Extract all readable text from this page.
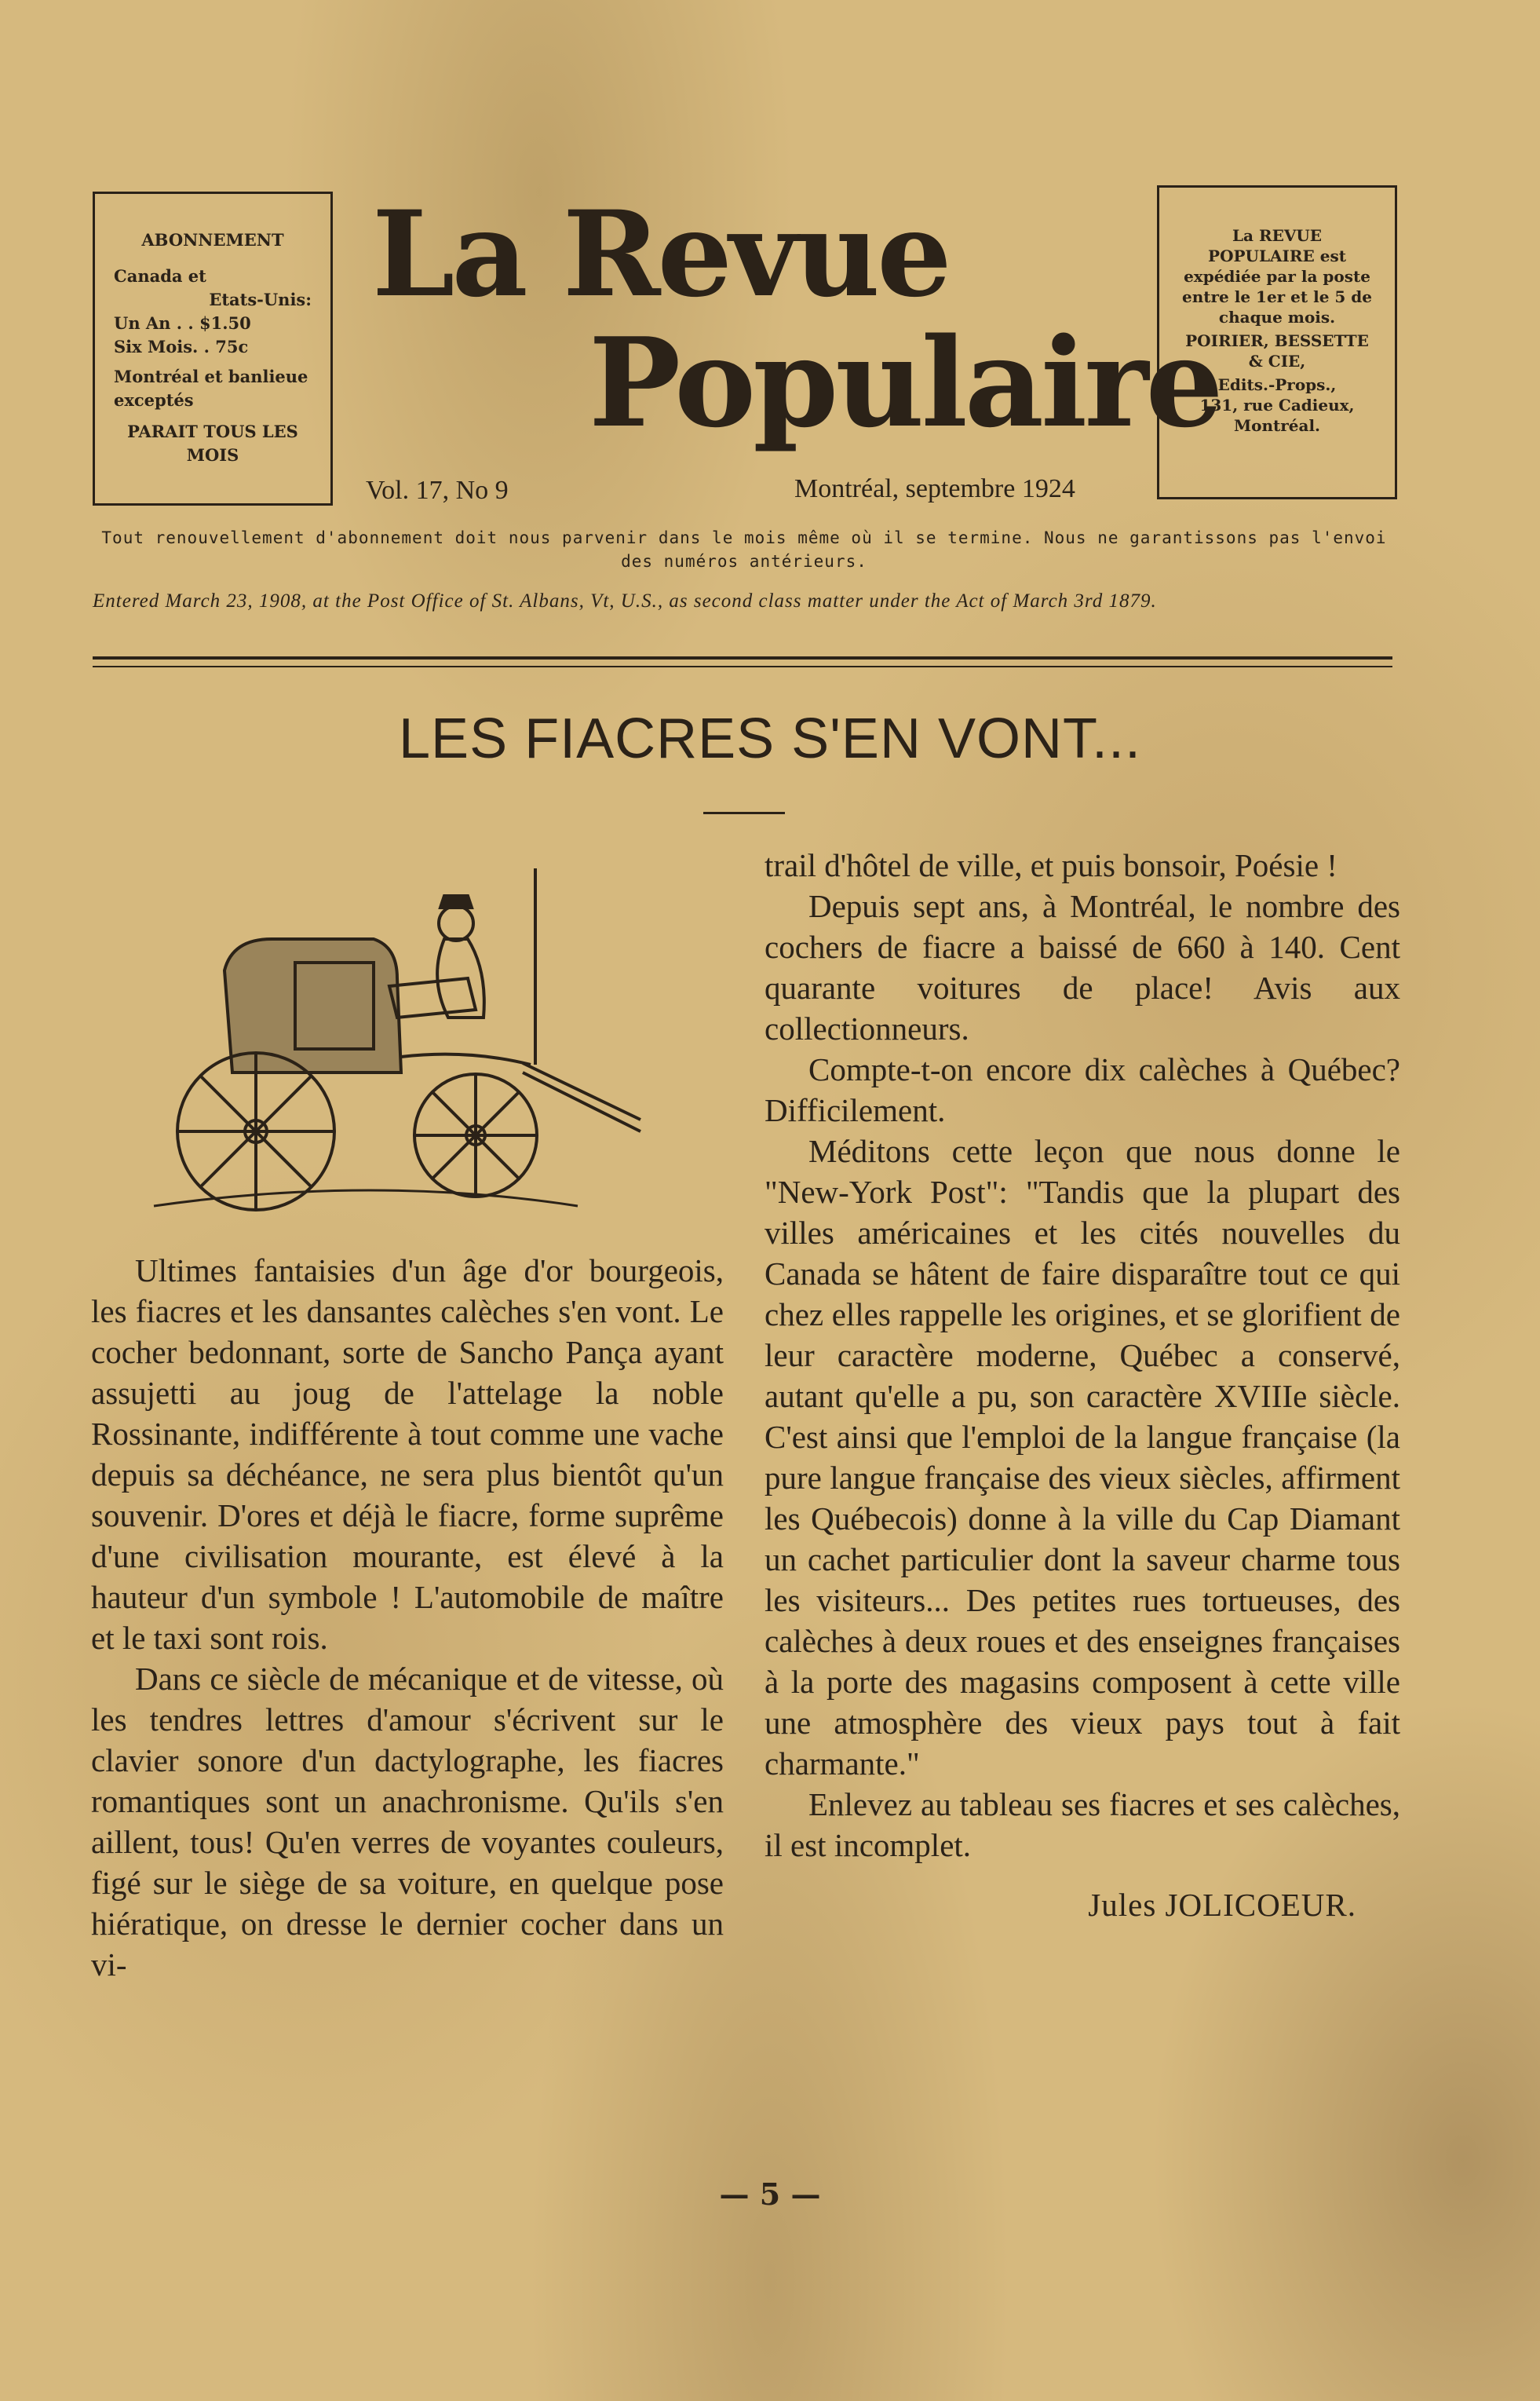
ABONNEMENT
Canada et
Etats-Unis:
Un An . . $1.50
Six Mois. . 75c
Montréal et banlieue exceptés
PARAIT TOUS LES MOIS
La Revue
Populaire
Vol. 17, No 9	Montréal, septembre 1924
La REVUE POPULAIRE est expédiée par la poste entre le 1er et le 5 de chaque mois.
POIRIER, BESSETTE & CIE,
Edits.-Props.,
131, rue Cadieux,
Montréal.
Tout renouvellement d'abonnement doit nous parvenir dans le mois même où il se termine. Nous ne garantissons pas l'envoi des numéros antérieurs.
Entered March 23, 1908, at the Post Office of St. Albans, Vt, U.S., as second class matter under the Act of March 3rd 1879.
LES FIACRES S'EN VONT...

Ultimes fantaisies d'un âge d'or bourgeois, les fiacres et les dansantes calèches s'en vont. Le cocher bedonnant, sorte de Sancho Pança ayant assujetti au joug de l'attelage la noble Rossinante, indifférente à tout comme une vache depuis sa déchéance, ne sera plus bientôt qu'un souvenir. D'ores et déjà le fiacre, forme suprême d'une civilisation mourante, est élevé à la hauteur d'un symbole ! L'automobile de maître et le taxi sont rois.

Dans ce siècle de mécanique et de vitesse, où les tendres lettres d'amour s'écrivent sur le clavier sonore d'un dactylographe, les fiacres romantiques sont un anachronisme. Qu'ils s'en aillent, tous! Qu'en verres de voyantes couleurs, figé sur le siège de sa voiture, en quelque pose hiératique, on dresse le dernier cocher dans un vi-

trail d'hôtel de ville, et puis bonsoir, Poésie !

Depuis sept ans, à Montréal, le nombre des cochers de fiacre a baissé de 660 à 140. Cent quarante voitures de place! Avis aux collectionneurs.

Compte-t-on encore dix calèches à Québec? Difficilement.

Méditons cette leçon que nous donne le "New-York Post": "Tandis que la plupart des villes américaines et les cités nouvelles du Canada se hâtent de faire disparaître tout ce qui chez elles rappelle les origines, et se glorifient de leur caractère moderne, Québec a conservé, autant qu'elle a pu, son caractère XVIIIe siècle. C'est ainsi que l'emploi de la langue française (la pure langue française des vieux siècles, affirment les Québecois) donne à la ville du Cap Diamant un cachet particulier dont la saveur charme tous les visiteurs... Des petites rues tortueuses, des calèches à deux roues et des enseignes françaises à la porte des magasins composent à cette ville une atmosphère des vieux pays tout à fait charmante."

Enlevez au tableau ses fiacres et ses calèches, il est incomplet.

Jules JOLICOEUR.

— 5 —
